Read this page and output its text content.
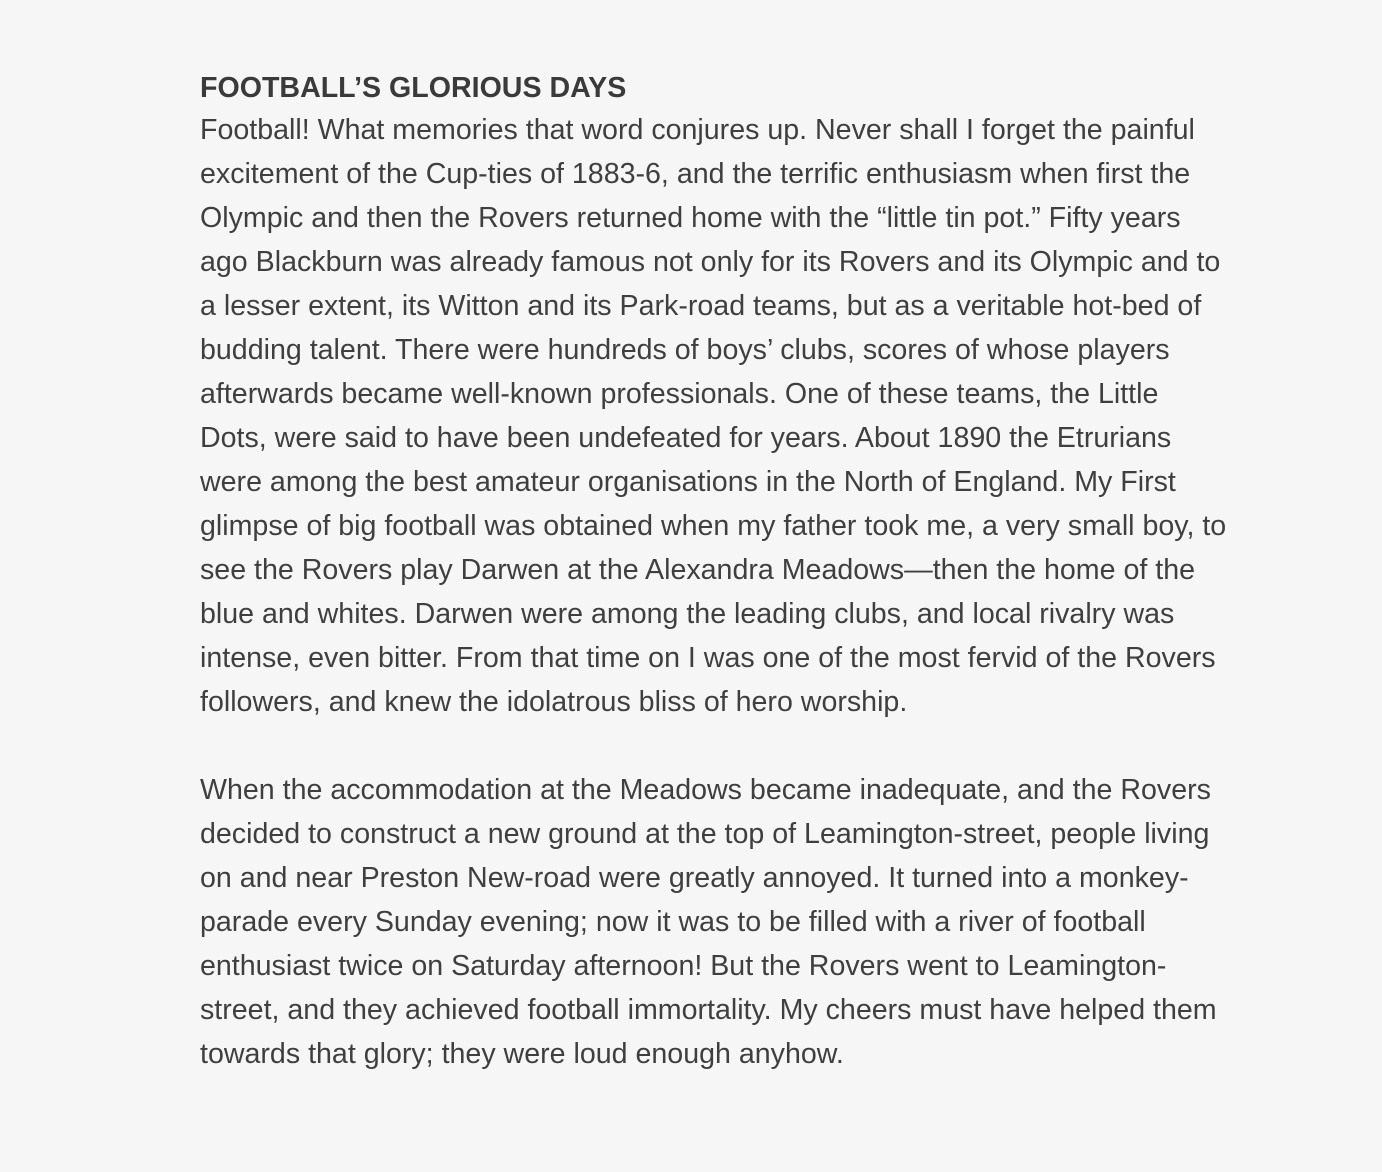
FOOTBALL’S GLORIOUS DAYS

Football! What memories that word conjures up. Never shall I forget the painful
excitement of the Cup-ties of 1883-6, and the terrific enthusiasm when first the
Olympic and then the Rovers returned home with the “little tin pot.” Fifty years
ago Blackburn was already famous not only for its Rovers and its Olympic and to
a lesser extent, its Witton and its Park-road teams, but as a veritable hot-bed of
budding talent. There were hundreds of boys’ clubs, scores of whose players
afterwards became well-known professionals. One of these teams, the Little
Dots, were said to have been undefeated for years. About 1890 the Etrurians
were among the best amateur organisations in the North of England. My First
glimpse of big football was obtained when my father took me, a very small boy, to
see the Rovers play Darwen at the Alexandra Meadows—then the home of the
blue and whites. Darwen were among the leading clubs, and local rivalry was
intense, even bitter. From that time on I was one of the most fervid of the Rovers
followers, and knew the idolatrous bliss of hero worship.

When the accommodation at the Meadows became inadequate, and the Rovers
decided to construct a new ground at the top of Leamington-street, people living
on and near Preston New-road were greatly annoyed. It turned into a monkey-
parade every Sunday evening; now it was to be filled with a river of football
enthusiast twice on Saturday afternoon! But the Rovers went to Leamington-
street, and they achieved football immortality. My cheers must have helped them
towards that glory; they were loud enough anyhow.
